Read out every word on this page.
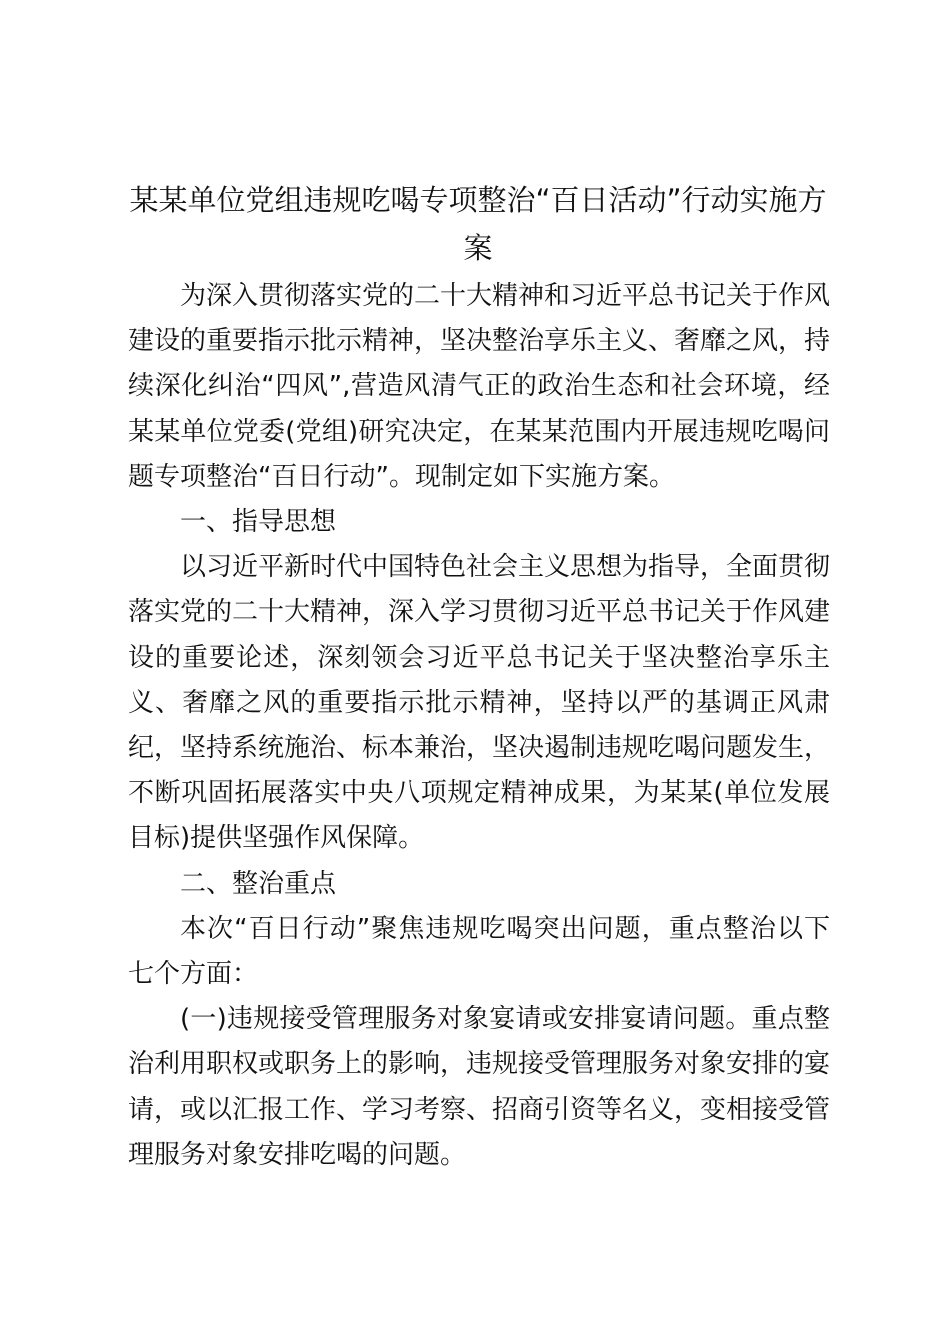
某某单位党组违规吃喝专项整治“百日活动”行动实施方案

为深入贯彻落实党的二十大精神和习近平总书记关于作风建设的重要指示批示精神，坚决整治享乐主义、奢靡之风，持续深化纠治“四风”,营造风清气正的政治生态和社会环境，经某某单位党委(党组)研究决定，在某某范围内开展违规吃喝问题专项整治“百日行动”。现制定如下实施方案。

一、指导思想

以习近平新时代中国特色社会主义思想为指导，全面贯彻落实党的二十大精神，深入学习贯彻习近平总书记关于作风建设的重要论述，深刻领会习近平总书记关于坚决整治享乐主义、奢靡之风的重要指示批示精神，坚持以严的基调正风肃纪，坚持系统施治、标本兼治，坚决遏制违规吃喝问题发生，不断巩固拓展落实中央八项规定精神成果，为某某(单位发展目标)提供坚强作风保障。

二、整治重点

本次“百日行动”聚焦违规吃喝突出问题，重点整治以下七个方面：

(一)违规接受管理服务对象宴请或安排宴请问题。重点整治利用职权或职务上的影响，违规接受管理服务对象安排的宴请，或以汇报工作、学习考察、招商引资等名义，变相接受管理服务对象安排吃喝的问题。
